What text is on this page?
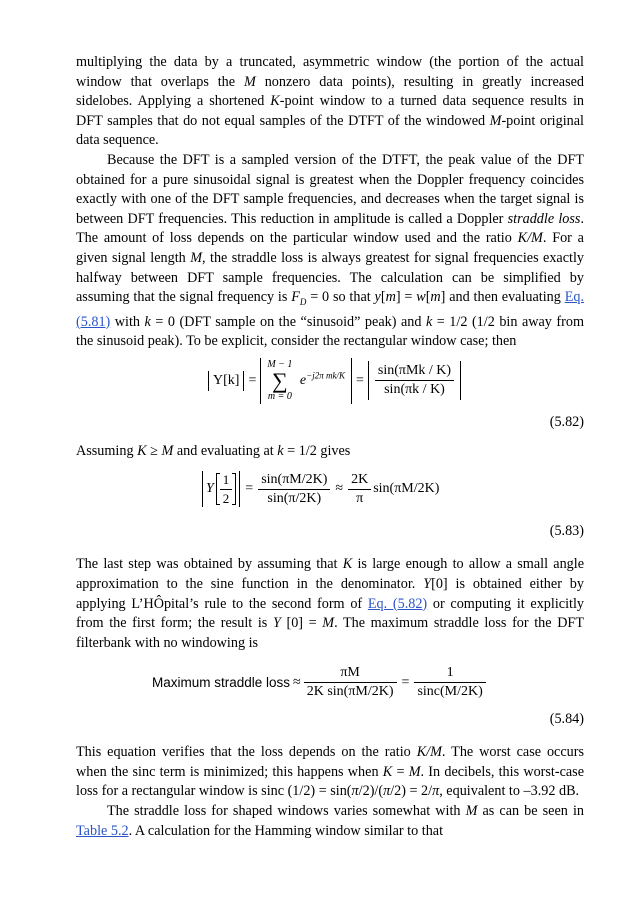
multiplying the data by a truncated, asymmetric window (the portion of the actual window that overlaps the M nonzero data points), resulting in greatly increased sidelobes. Applying a shortened K-point window to a turned data sequence results in DFT samples that do not equal samples of the DTFT of the windowed M-point original data sequence.

Because the DFT is a sampled version of the DTFT, the peak value of the DFT obtained for a pure sinusoidal signal is greatest when the Doppler frequency coincides exactly with one of the DFT sample frequencies, and decreases when the target signal is between DFT frequencies. This reduction in amplitude is called a Doppler straddle loss. The amount of loss depends on the particular window used and the ratio K/M. For a given signal length M, the straddle loss is always greatest for signal frequencies exactly halfway between DFT sample frequencies. The calculation can be simplified by assuming that the signal frequency is $F_D = 0$ so that y[m] = w[m] and then evaluating Eq. (5.81) with k = 0 (DFT sample on the “sinusoid” peak) and k = 1/2 (1/2 bin away from the sinusoid peak). To be explicit, consider the rectangular window case; then

Y[k] =
M − 1
∑
m = 0
$e^{-j2\pi mk/K} = \frac{\text{sin(πMk / K)}}{\sin(\pi k / K)}$
(5.82)

Assuming K ≥ M and evaluating at k = 1/2 gives

Y $\frac{1}{2} = \frac{\sin(\pi M/2K)}{\sin(\pi/2K)} \approx \frac{2K}{\pi} \sin(\pi M/2K)$
(5.83)

The last step was obtained by assuming that K is large enough to allow a small angle approximation to the sine function in the denominator. Y[0] is obtained either by applying L’HÔpital’s rule to the second form of Eq. (5.82) or computing it explicitly from the first form; the result is Y [0] = M. The maximum straddle loss for the DFT filterbank with no windowing is

Maximum straddle loss ≈ $\frac{\pi M}{\text{2K sin(πM/2K)}} = \frac{1}{\sin c(M/2K)}$
(5.84)

This equation verifies that the loss depends on the ratio K/M. The worst case occurs when the sinc term is minimized; this happens when K = M. In decibels, this worst-case loss for a rectangular window is sinc (1/2) = sin(π/2)/(π/2) = 2/π, equivalent to –3.92 dB.

The straddle loss for shaped windows varies somewhat with M as can be seen in Table 5.2. A calculation for the Hamming window similar to that
